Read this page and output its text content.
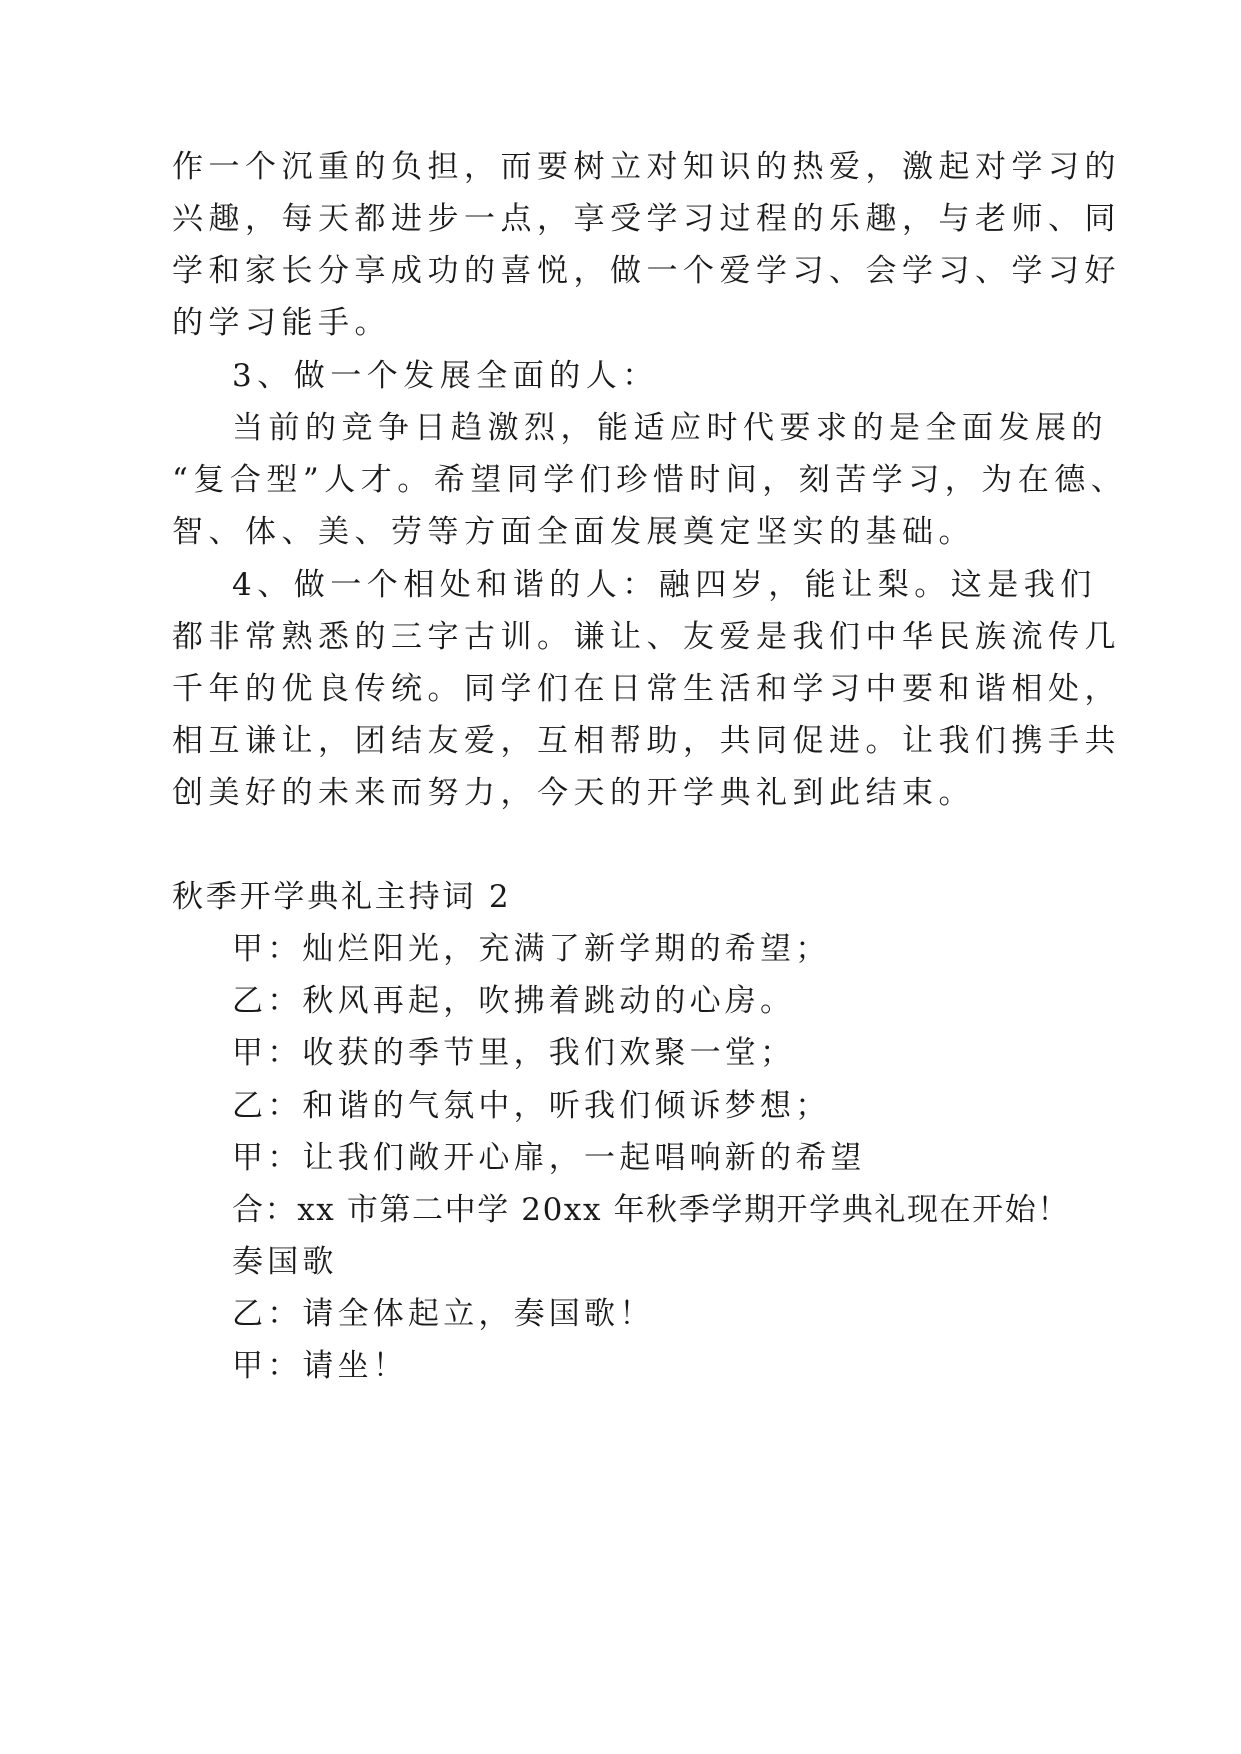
作一个沉重的负担，而要树立对知识的热爱，激起对学习的
兴趣，每天都进步一点，享受学习过程的乐趣，与老师、同
学和家长分享成功的喜悦，做一个爱学习、会学习、学习好
的学习能手。
3、做一个发展全面的人：
当前的竞争日趋激烈，能适应时代要求的是全面发展的
“复合型”人才。希望同学们珍惜时间，刻苦学习，为在德、
智、体、美、劳等方面全面发展奠定坚实的基础。
4、做一个相处和谐的人：融四岁，能让梨。这是我们
都非常熟悉的三字古训。谦让、友爱是我们中华民族流传几
千年的优良传统。同学们在日常生活和学习中要和谐相处，
相互谦让，团结友爱，互相帮助，共同促进。让我们携手共
创美好的未来而努力，今天的开学典礼到此结束。
秋季开学典礼主持词 2
甲：灿烂阳光，充满了新学期的希望；
乙：秋风再起，吹拂着跳动的心房。
甲：收获的季节里，我们欢聚一堂；
乙：和谐的气氛中，听我们倾诉梦想；
甲：让我们敞开心扉，一起唱响新的希望
合：xx 市第二中学 20xx 年秋季学期开学典礼现在开始！
奏国歌
乙：请全体起立，奏国歌！
甲：请坐！
